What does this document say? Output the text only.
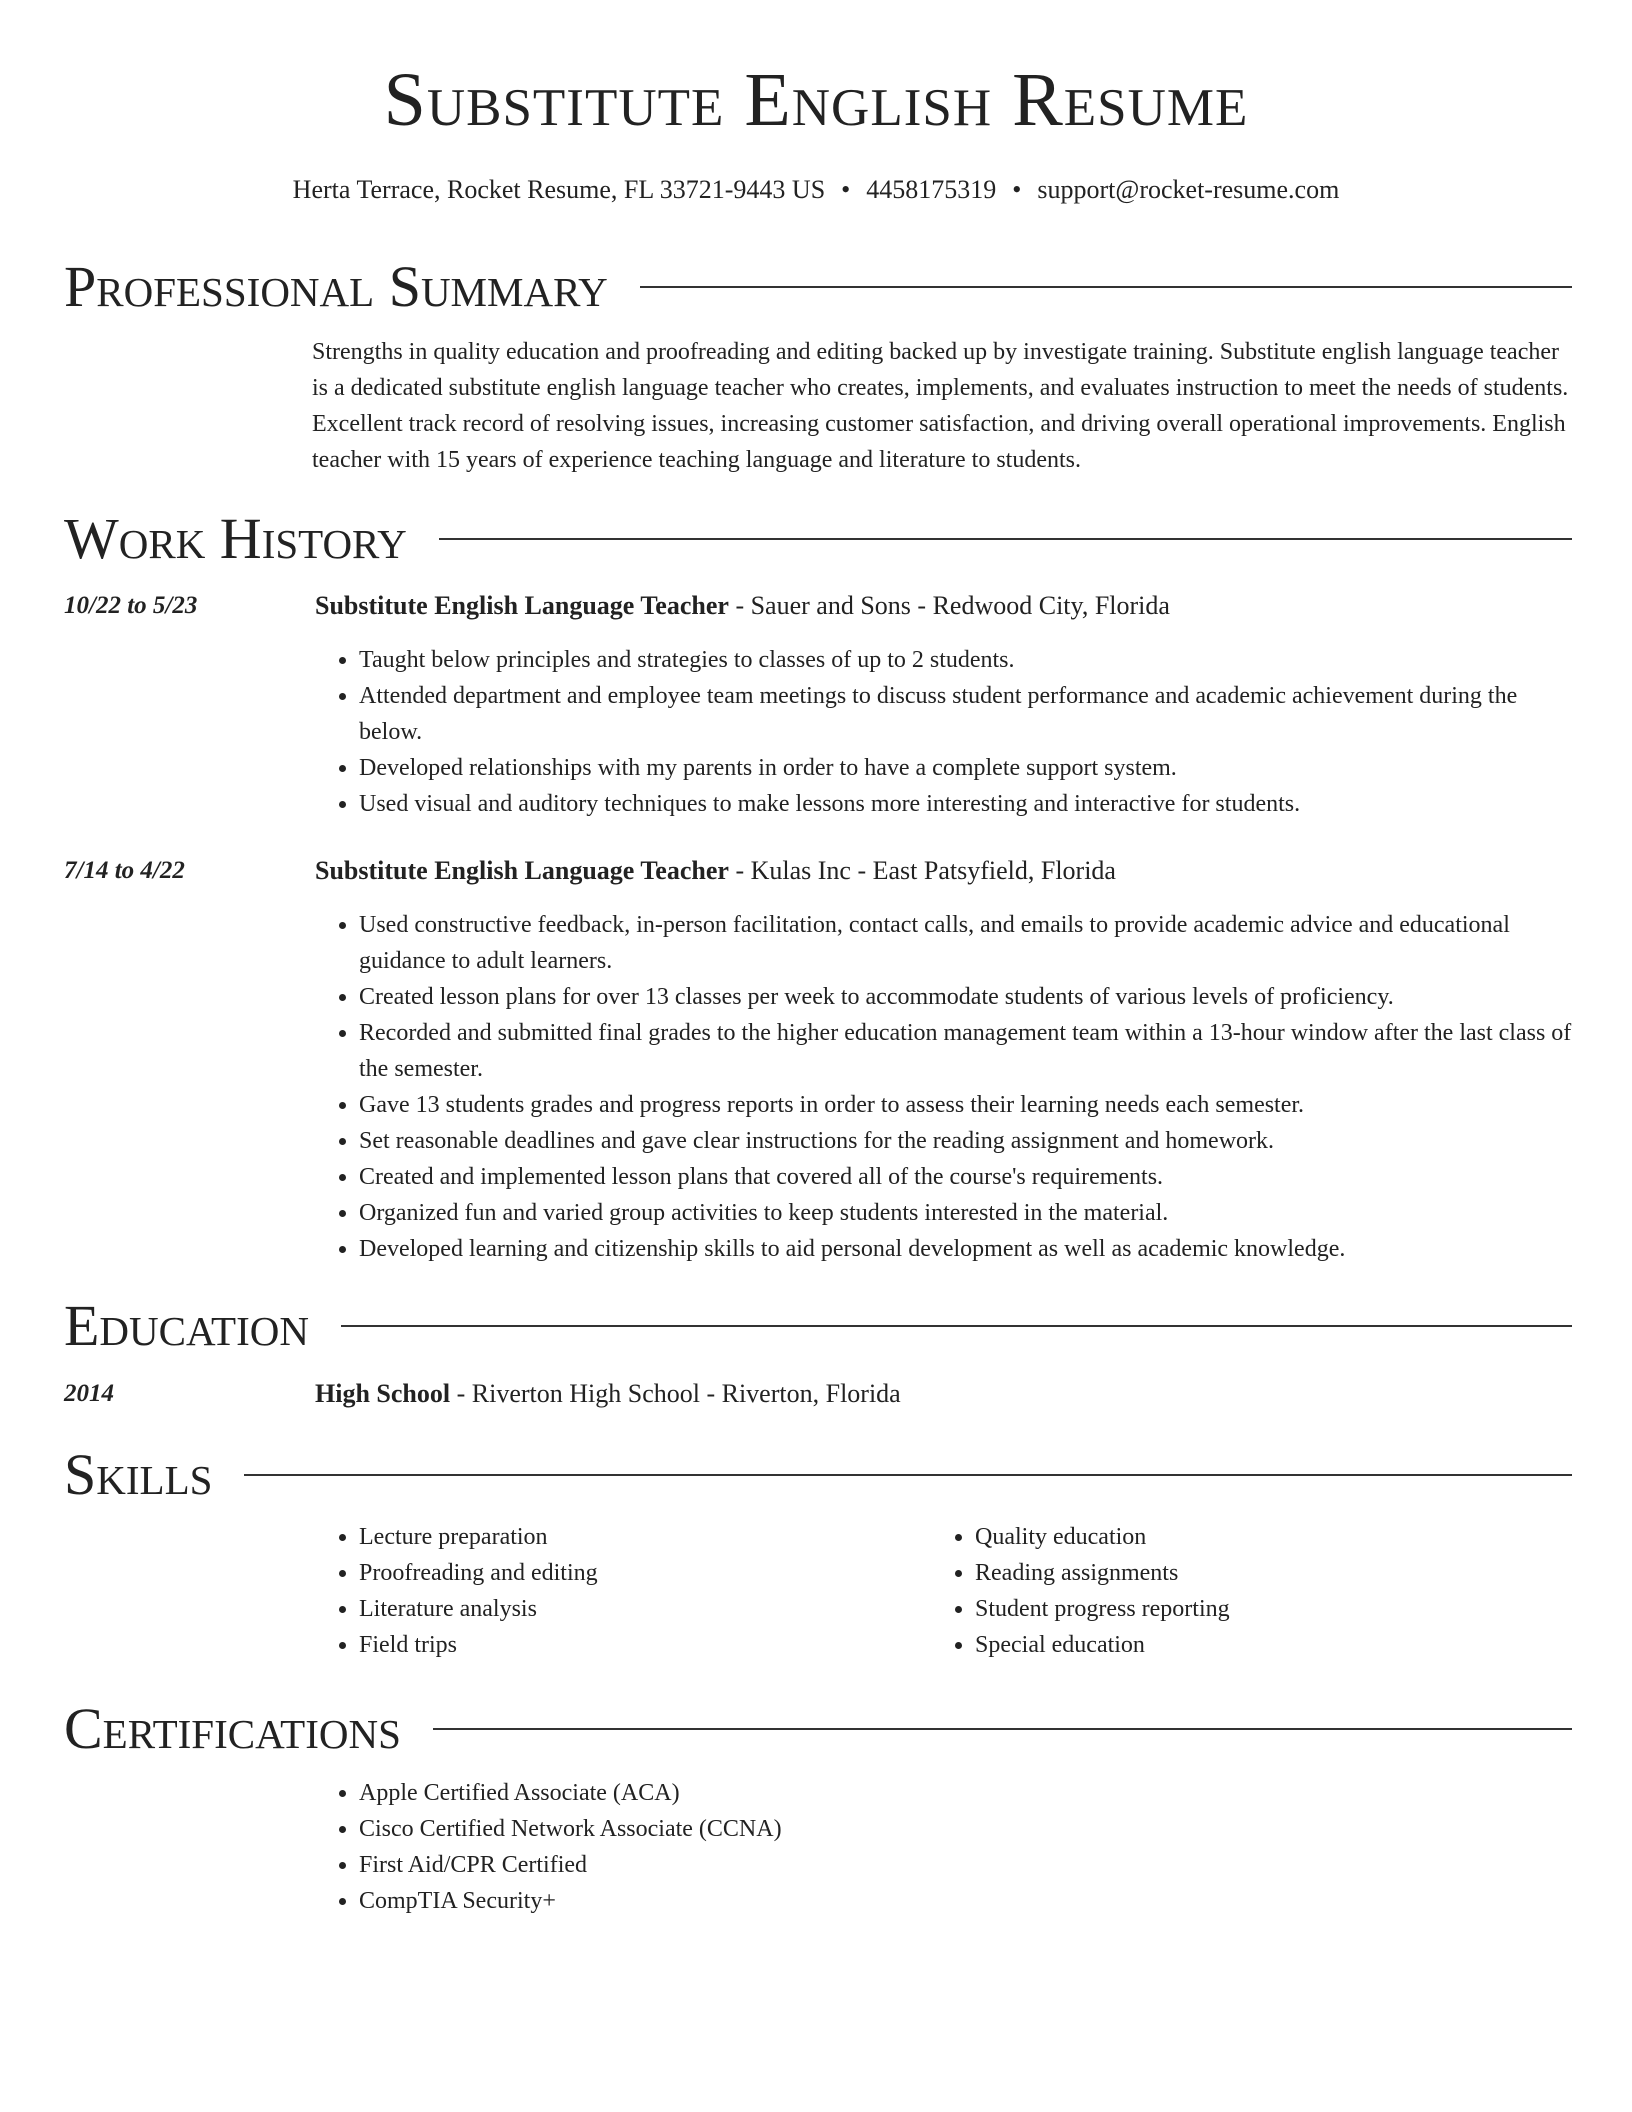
Substitute English Resume
Herta Terrace, Rocket Resume, FL 33721-9443 US • 4458175319 • support@rocket-resume.com
Professional Summary

Strengths in quality education and proofreading and editing backed up by investigate training. Substitute english language teacher is a dedicated substitute english language teacher who creates, implements, and evaluates instruction to meet the needs of students. Excellent track record of resolving issues, increasing customer satisfaction, and driving overall operational improvements. English teacher with 15 years of experience teaching language and literature to students.

Work History
10/22 to 5/23	Substitute English Language Teacher - Sauer and Sons - Redwood City, Florida
• Taught below principles and strategies to classes of up to 2 students.
• Attended department and employee team meetings to discuss student performance and academic achievement during the below.
• Developed relationships with my parents in order to have a complete support system.
• Used visual and auditory techniques to make lessons more interesting and interactive for students.
7/14 to 4/22	Substitute English Language Teacher - Kulas Inc - East Patsyfield, Florida
• Used constructive feedback, in-person facilitation, contact calls, and emails to provide academic advice and educational guidance to adult learners.
• Created lesson plans for over 13 classes per week to accommodate students of various levels of proficiency.
• Recorded and submitted final grades to the higher education management team within a 13-hour window after the last class of the semester.
• Gave 13 students grades and progress reports in order to assess their learning needs each semester.
• Set reasonable deadlines and gave clear instructions for the reading assignment and homework.
• Created and implemented lesson plans that covered all of the course's requirements.
• Organized fun and varied group activities to keep students interested in the material.
• Developed learning and citizenship skills to aid personal development as well as academic knowledge.
Education
2014	High School - Riverton High School - Riverton, Florida
Skills
• Lecture preparation
• Proofreading and editing
• Literature analysis
• Field trips
• Quality education
• Reading assignments
• Student progress reporting
• Special education
Certifications
• Apple Certified Associate (ACA)
• Cisco Certified Network Associate (CCNA)
• First Aid/CPR Certified
• CompTIA Security+
